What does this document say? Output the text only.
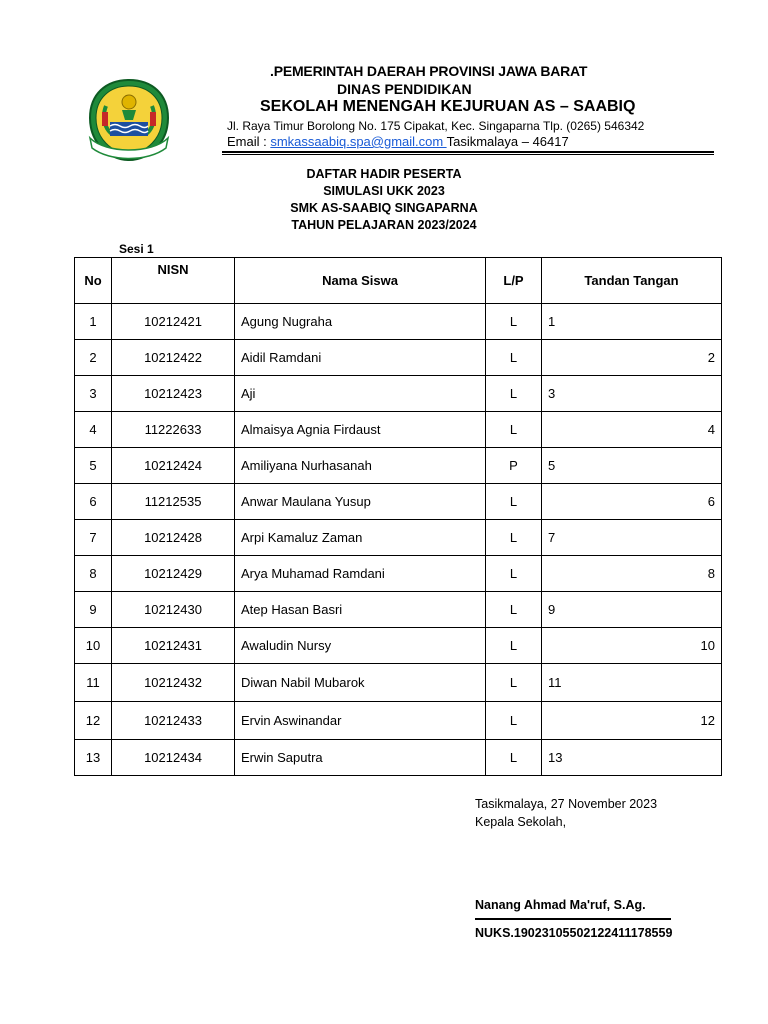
.PEMERINTAH DAERAH PROVINSI JAWA BARAT
DINAS PENDIDIKAN
SEKOLAH MENENGAH KEJURUAN AS – SAABIQ
Jl. Raya Timur Borolong No. 175 Cipakat, Kec. Singaparna Tlp. (0265) 546342
Email : smkassaabiq.spa@gmail.com Tasikmalaya – 46417
DAFTAR HADIR PESERTA
SIMULASI UKK 2023
SMK AS-SAABIQ SINGAPARNA
TAHUN PELAJARAN 2023/2024
Sesi 1
No	NISN	Nama Siswa	L/P	Tandan Tangan
1	10212421	Agung Nugraha	L	1
2	10212422	Aidil Ramdani	L	2
3	10212423	Aji	L	3
4	11222633	Almaisya Agnia Firdaust	L	4
5	10212424	Amiliyana Nurhasanah	P	5
6	11212535	Anwar Maulana Yusup	L	6
7	10212428	Arpi Kamaluz Zaman	L	7
8	10212429	Arya Muhamad Ramdani	L	8
9	10212430	Atep Hasan Basri	L	9
10	10212431	Awaludin Nursy	L	10
11	10212432	Diwan Nabil Mubarok	L	11
12	10212433	Ervin Aswinandar	L	12
13	10212434	Erwin Saputra	L	13
Tasikmalaya, 27 November 2023
Kepala Sekolah,
Nanang Ahmad Ma'ruf, S.Ag.
NUKS.19023105502122411178559
